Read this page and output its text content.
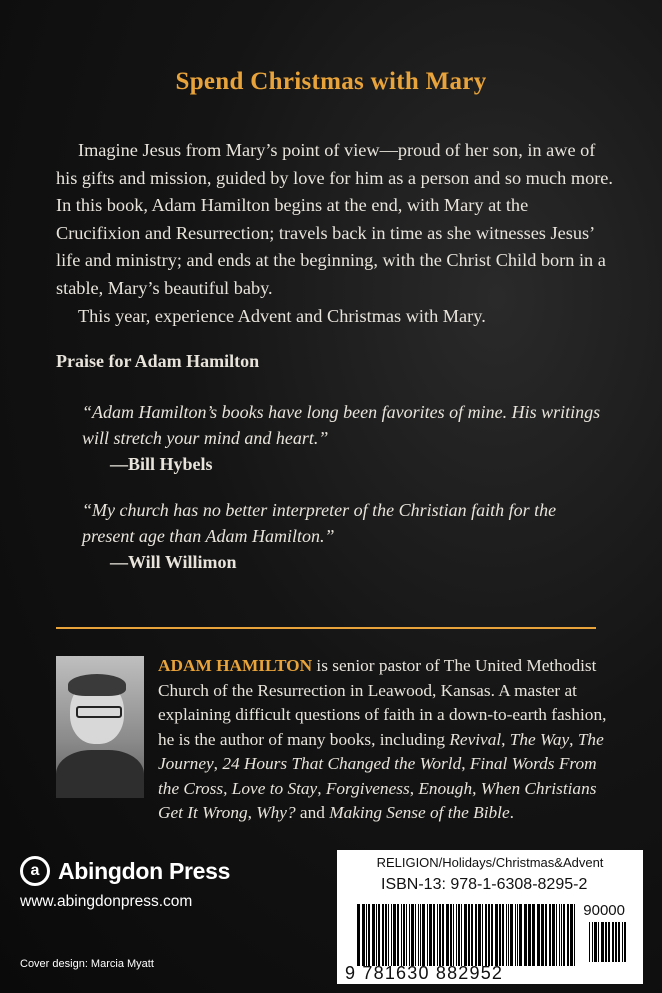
Spend Christmas with Mary

Imagine Jesus from Mary’s point of view—proud of her son, in awe of his gifts and mission, guided by love for him as a person and so much more. In this book, Adam Hamilton begins at the end, with Mary at the Crucifixion and Resurrection; travels back in time as she witnesses Jesus’ life and ministry; and ends at the beginning, with the Christ Child born in a stable, Mary’s beautiful baby.

This year, experience Advent and Christmas with Mary.

Praise for Adam Hamilton
“Adam Hamilton’s books have long been favorites of mine. His writings will stretch your mind and heart.”
—Bill Hybels
“My church has no better interpreter of the Christian faith for the present age than Adam Hamilton.”
—Will Willimon
ADAM HAMILTON is senior pastor of The United Methodist Church of the Resurrection in Leawood, Kansas. A master at explaining difficult questions of faith in a down-to-earth fashion, he is the author of many books, including Revival, The Way, The Journey, 24 Hours That Changed the World, Final Words From the Cross, Love to Stay, Forgiveness, Enough, When Christians Get It Wrong, Why? and Making Sense of the Bible.
a Abingdon Press
www.abingdonpress.com
Cover design: Marcia Myatt
RELIGION/Holidays/Christmas&Advent
ISBN-13: 978-1-6308-8295-2
90000
9 781630 882952
